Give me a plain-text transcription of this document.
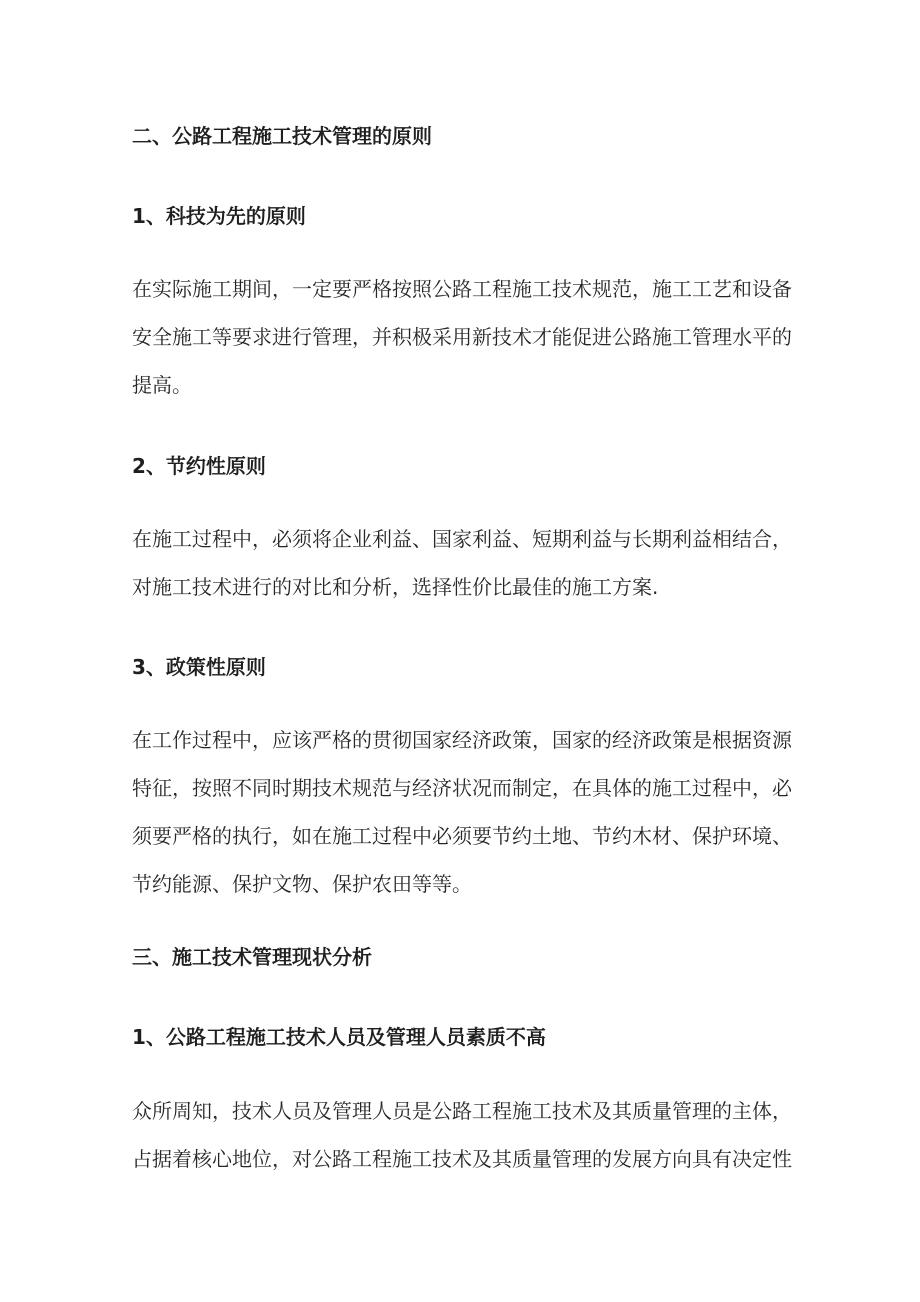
二、公路工程施工技术管理的原则
1、科技为先的原则
在实际施工期间，一定要严格按照公路工程施工技术规范，施工工艺和设备
安全施工等要求进行管理，并积极采用新技术才能促进公路施工管理水平的
提高。
2、节约性原则
在施工过程中，必须将企业利益、国家利益、短期利益与长期利益相结合，
对施工技术进行的对比和分析，选择性价比最佳的施工方案.
3、政策性原则
在工作过程中，应该严格的贯彻国家经济政策，国家的经济政策是根据资源
特征，按照不同时期技术规范与经济状况而制定，在具体的施工过程中，必
须要严格的执行，如在施工过程中必须要节约土地、节约木材、保护环境、
节约能源、保护文物、保护农田等等。
三、施工技术管理现状分析
1、公路工程施工技术人员及管理人员素质不高
众所周知，技术人员及管理人员是公路工程施工技术及其质量管理的主体，
占据着核心地位，对公路工程施工技术及其质量管理的发展方向具有决定性
